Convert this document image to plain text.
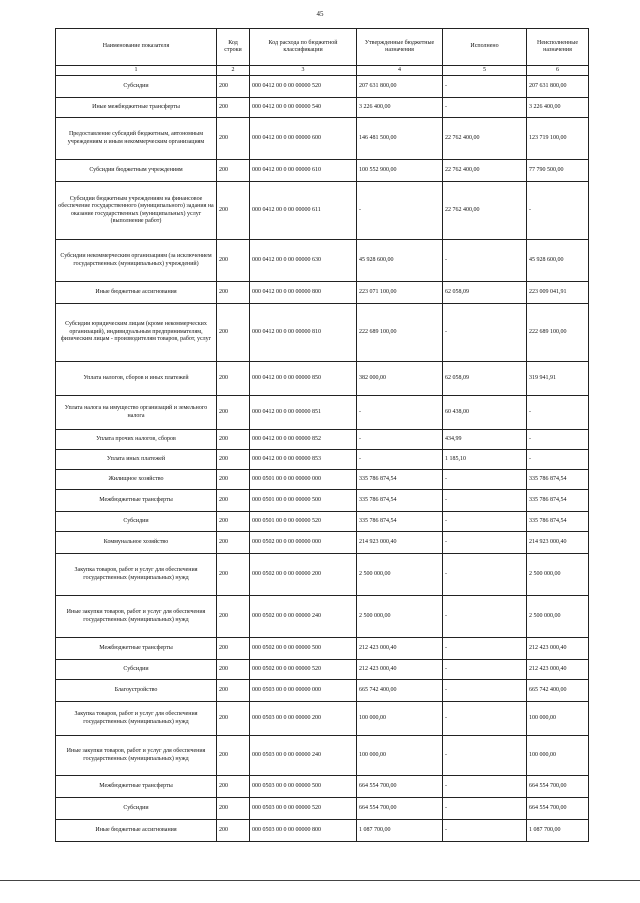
45
Наименование показателя	Код строки	Код расхода по бюджетной классификации	Утвержденные бюджетные назначения	Исполнено	Неисполненные назначения
1	2	3	4	5	6
Субсидии	200	000 0412 00 0 00 00000 520	207 631 800,00	-	207 631 800,00
Иные межбюджетные трансферты	200	000 0412 00 0 00 00000 540	3 226 400,00	-	3 226 400,00
Предоставление субсидий бюджетным, автономным учреждениям и иным некоммерческим организациям	200	000 0412 00 0 00 00000 600	146 481 500,00	22 762 400,00	123 719 100,00
Субсидии бюджетным учреждениям	200	000 0412 00 0 00 00000 610	100 552 900,00	22 762 400,00	77 790 500,00
Субсидии бюджетным учреждениям на финансовое обеспечение государственного (муниципального) задания на оказание государственных (муниципальных) услуг (выполнение работ)	200	000 0412 00 0 00 00000 611	-	22 762 400,00	-
Субсидии некоммерческим организациям (за исключением государственных (муниципальных) учреждений)	200	000 0412 00 0 00 00000 630	45 928 600,00	-	45 928 600,00
Иные бюджетные ассигнования	200	000 0412 00 0 00 00000 800	223 071 100,00	62 058,09	223 009 041,91
Субсидии юридическим лицам (кроме некоммерческих организаций), индивидуальным предпринимателям, физическим лицам - производителям товаров, работ, услуг	200	000 0412 00 0 00 00000 810	222 689 100,00	-	222 689 100,00
Уплата налогов, сборов и иных платежей	200	000 0412 00 0 00 00000 850	382 000,00	62 058,09	319 941,91
Уплата налога на имущество организаций и земельного налога	200	000 0412 00 0 00 00000 851	-	60 438,00	-
Уплата прочих налогов, сборов	200	000 0412 00 0 00 00000 852	-	434,99	-
Уплата иных платежей	200	000 0412 00 0 00 00000 853	-	1 185,10	-
Жилищное хозяйство	200	000 0501 00 0 00 00000 000	335 786 874,54	-	335 786 874,54
Межбюджетные трансферты	200	000 0501 00 0 00 00000 500	335 786 874,54	-	335 786 874,54
Субсидии	200	000 0501 00 0 00 00000 520	335 786 874,54	-	335 786 874,54
Коммунальное хозяйство	200	000 0502 00 0 00 00000 000	214 923 000,40	-	214 923 000,40
Закупка товаров, работ и услуг для обеспечения государственных (муниципальных) нужд	200	000 0502 00 0 00 00000 200	2 500 000,00	-	2 500 000,00
Иные закупки товаров, работ и услуг для обеспечения государственных (муниципальных) нужд	200	000 0502 00 0 00 00000 240	2 500 000,00	-	2 500 000,00
Межбюджетные трансферты	200	000 0502 00 0 00 00000 500	212 423 000,40	-	212 423 000,40
Субсидии	200	000 0502 00 0 00 00000 520	212 423 000,40	-	212 423 000,40
Благоустройство	200	000 0503 00 0 00 00000 000	665 742 400,00	-	665 742 400,00
Закупка товаров, работ и услуг для обеспечения государственных (муниципальных) нужд	200	000 0503 00 0 00 00000 200	100 000,00	-	100 000,00
Иные закупки товаров, работ и услуг для обеспечения государственных (муниципальных) нужд	200	000 0503 00 0 00 00000 240	100 000,00	-	100 000,00
Межбюджетные трансферты	200	000 0503 00 0 00 00000 500	664 554 700,00	-	664 554 700,00
Субсидии	200	000 0503 00 0 00 00000 520	664 554 700,00	-	664 554 700,00
Иные бюджетные ассигнования	200	000 0503 00 0 00 00000 800	1 087 700,00	-	1 087 700,00
